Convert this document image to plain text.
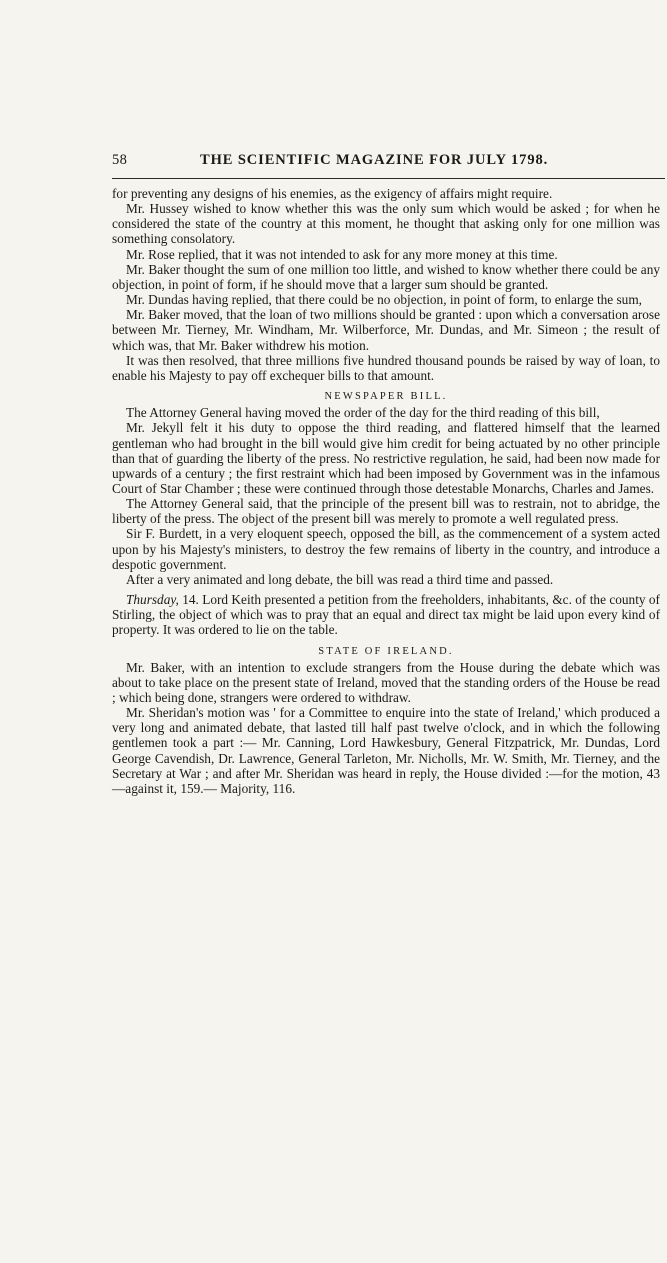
58	THE SCIENTIFIC MAGAZINE FOR JULY 1798.

for preventing any designs of his enemies, as the exigency of affairs might require.

Mr. Hussey wished to know whether this was the only sum which would be asked ; for when he considered the state of the country at this moment, he thought that asking only for one million was something consolatory.

Mr. Rose replied, that it was not intended to ask for any more money at this time.

Mr. Baker thought the sum of one million too little, and wished to know whether there could be any objection, in point of form, if he should move that a larger sum should be granted.

Mr. Dundas having replied, that there could be no objection, in point of form, to enlarge the sum,

Mr. Baker moved, that the loan of two millions should be granted : upon which a conversation arose between Mr. Tierney, Mr. Windham, Mr. Wilberforce, Mr. Dundas, and Mr. Simeon ; the result of which was, that Mr. Baker withdrew his motion.

It was then resolved, that three millions five hundred thousand pounds be raised by way of loan, to enable his Majesty to pay off exchequer bills to that amount.

NEWSPAPER BILL.

The Attorney General having moved the order of the day for the third reading of this bill,

Mr. Jekyll felt it his duty to oppose the third reading, and flattered himself that the learned gentleman who had brought in the bill would give him credit for being actuated by no other principle than that of guarding the liberty of the press. No restrictive regulation, he said, had been now made for upwards of a century ; the first restraint which had been imposed by Government was in the infamous Court of Star Chamber ; these were continued through those detestable Monarchs, Charles and James.

The Attorney General said, that the principle of the present bill was to restrain, not to abridge, the liberty of the press. The object of the present bill was merely to promote a well regulated press.

Sir F. Burdett, in a very eloquent speech, opposed the bill, as the commencement of a system acted upon by his Majesty's ministers, to destroy the few remains of liberty in the country, and introduce a despotic government.

After a very animated and long debate, the bill was read a third time and passed.

Thursday, 14. Lord Keith presented a petition from the freeholders, inhabitants, &c. of the county of Stirling, the object of which was to pray that an equal and direct tax might be laid upon every kind of property. It was ordered to lie on the table.

STATE OF IRELAND.

Mr. Baker, with an intention to exclude strangers from the House during the debate which was about to take place on the present state of Ireland, moved that the standing orders of the House be read ; which being done, strangers were ordered to withdraw.

Mr. Sheridan's motion was ' for a Committee to enquire into the state of Ireland,' which produced a very long and animated debate, that lasted till half past twelve o'clock, and in which the following gentlemen took a part :— Mr. Canning, Lord Hawkesbury, General Fitzpatrick, Mr. Dundas, Lord George Cavendish, Dr. Lawrence, General Tarleton, Mr. Nicholls, Mr. W. Smith, Mr. Tierney, and the Secretary at War ; and after Mr. Sheridan was heard in reply, the House divided :—for the motion, 43—against it, 159.— Majority, 116.
